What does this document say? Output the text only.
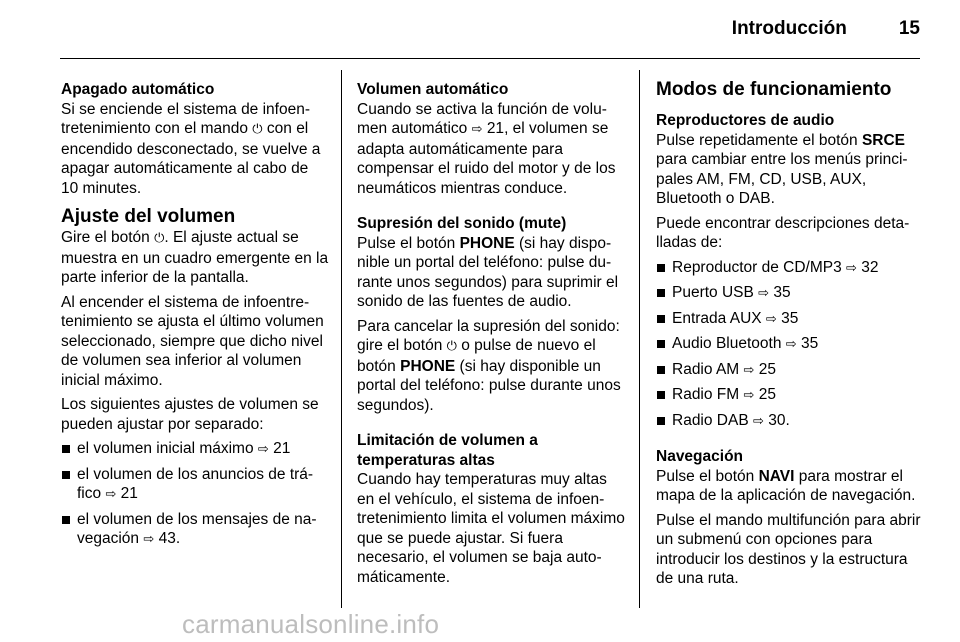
Introducción	15

Apagado automático

Si se enciende el sistema de infoentretenimiento con el mando ⏻ con el encendido desconectado, se vuelve a apagar automáticamente al cabo de 10 minutes.

Ajuste del volumen

Gire el botón ⏻. El ajuste actual se muestra en un cuadro emergente en la parte inferior de la pantalla.

Al encender el sistema de infoentretenimiento se ajusta el último volumen seleccionado, siempre que dicho nivel de volumen sea inferior al volumen inicial máximo.

Los siguientes ajustes de volumen se pueden ajustar por separado:

el volumen inicial máximo ⇨ 21
el volumen de los anuncios de tráfico ⇨ 21
el volumen de los mensajes de navegación ⇨ 43.

Volumen automático

Cuando se activa la función de volumen automático ⇨ 21, el volumen se adapta automáticamente para compensar el ruido del motor y de los neumáticos mientras conduce.

Supresión del sonido (mute)

Pulse el botón PHONE (si hay disponible un portal del teléfono: pulse durante unos segundos) para suprimir el sonido de las fuentes de audio.

Para cancelar la supresión del sonido: gire el botón ⏻ o pulse de nuevo el botón PHONE (si hay disponible un portal del teléfono: pulse durante unos segundos).

Limitación de volumen a temperaturas altas

Cuando hay temperaturas muy altas en el vehículo, el sistema de infoentretenimiento limita el volumen máximo que se puede ajustar. Si fuera necesario, el volumen se baja automáticamente.

Modos de funcionamiento

Reproductores de audio

Pulse repetidamente el botón SRCE para cambiar entre los menús principales AM, FM, CD, USB, AUX, Bluetooth o DAB.

Puede encontrar descripciones detalladas de:

Reproductor de CD/MP3 ⇨ 32
Puerto USB ⇨ 35
Entrada AUX ⇨ 35
Audio Bluetooth ⇨ 35
Radio AM ⇨ 25
Radio FM ⇨ 25
Radio DAB ⇨ 30.

Navegación

Pulse el botón NAVI para mostrar el mapa de la aplicación de navegación.

Pulse el mando multifunción para abrir un submenú con opciones para introducir los destinos y la estructura de una ruta.

carmanualsonline.info
